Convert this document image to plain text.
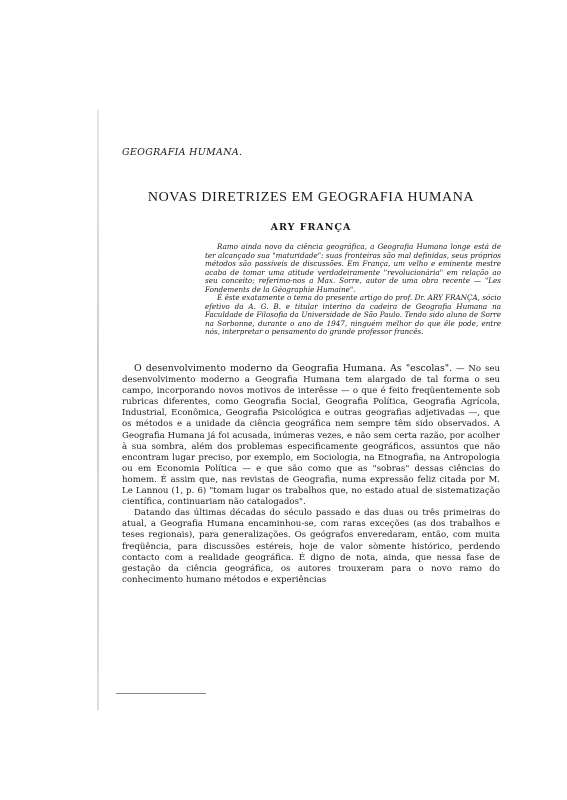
GEOGRAFIA HUMANA.
NOVAS DIRETRIZES EM GEOGRAFIA HUMANA
ARY FRANÇA

Ramo ainda novo da ciência geográfica, a Geografia Humana longe está de ter alcançado sua "maturidade": suas fronteiras são mal definidas, seus próprios métodos são passíveis de discussões. Em França, um velho e eminente mestre acaba de tomar uma atitude verdadeiramente "revolucionária" em relação ao seu conceito; referimo-nos a Max. Sorre, autor de uma obra recente — "Les Fondements de la Géographie Humaine".

É êste exatamente o tema do presente artigo do prof. Dr. ARY FRANÇA, sócio efetivo da A. G. B. e titular interino da cadeira de Geografia Humana na Faculdade de Filosofia da Universidade de São Paulo. Tendo sido aluno de Sorre na Sorbonne, durante o ano de 1947, ninguém melhor do que êle pode, entre nós, interpretar o pensamento do grande professor francês.

O desenvolvimento moderno da Geografia Humana. As "escolas". — No seu desenvolvimento moderno a Geografia Humana tem alargado de tal forma o seu campo, incorporando novos motivos de interêsse — o que é feito freqüentemente sob rubricas diferentes, como Geografia Social, Geografia Política, Geografia Agrícola, Industrial, Econômica, Geografia Psicológica e outras geografias adjetivadas —, que os métodos e a unidade da ciência geográfica nem sempre têm sido observados. A Geografia Humana já foi acusada, inúmeras vezes, e não sem certa razão, por acolher à sua sombra, além dos problemas especificamente geográficos, assuntos que não encontram lugar preciso, por exemplo, em Sociologia, na Etnografia, na Antropologia ou em Economia Política — e que são como que as "sobras" dessas ciências do homem. É assim que, nas revistas de Geografia, numa expressão feliz citada por M. Le Lannou (1, p. 6) "tomam lugar os trabalhos que, no estado atual de sistematização científica, continuariam não catalogados".

Datando das últimas décadas do século passado e das duas ou três primeiras do atual, a Geografia Humana encaminhou-se, com raras exceções (as dos trabalhos e teses regionais), para generalizações. Os geógrafos enveredaram, então, com muita freqüência, para discussões estéreis, hoje de valor sòmente histórico, perdendo contacto com a realidade geográfica. É digno de nota, ainda, que nessa fase de gestação da ciência geográfica, os autores trouxeram para o novo ramo do conhecimento humano métodos e experiências
